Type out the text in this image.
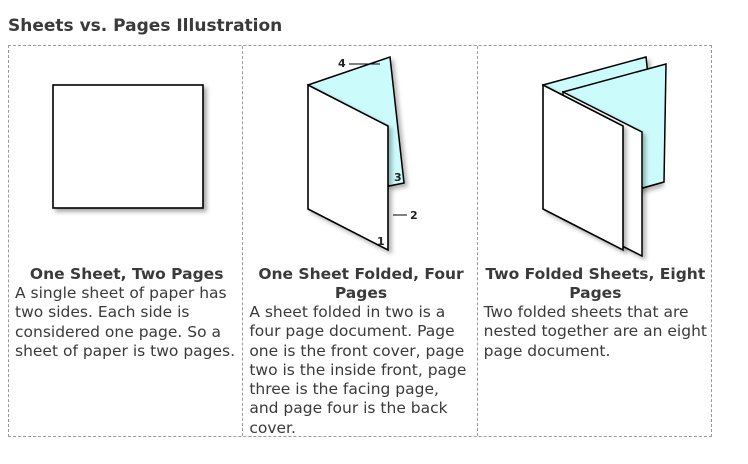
Sheets vs. Pages Illustration
One Sheet, Two Pages
A single sheet of paper has two sides. Each side is considered one page. So a sheet of paper is two pages.
4
3
2
1
One Sheet Folded, Four Pages
A sheet folded in two is a four page document. Page one is the front cover, page two is the inside front, page three is the facing page, and page four is the back cover.
Two Folded Sheets, Eight Pages
Two folded sheets that are nested together are an eight page document.
